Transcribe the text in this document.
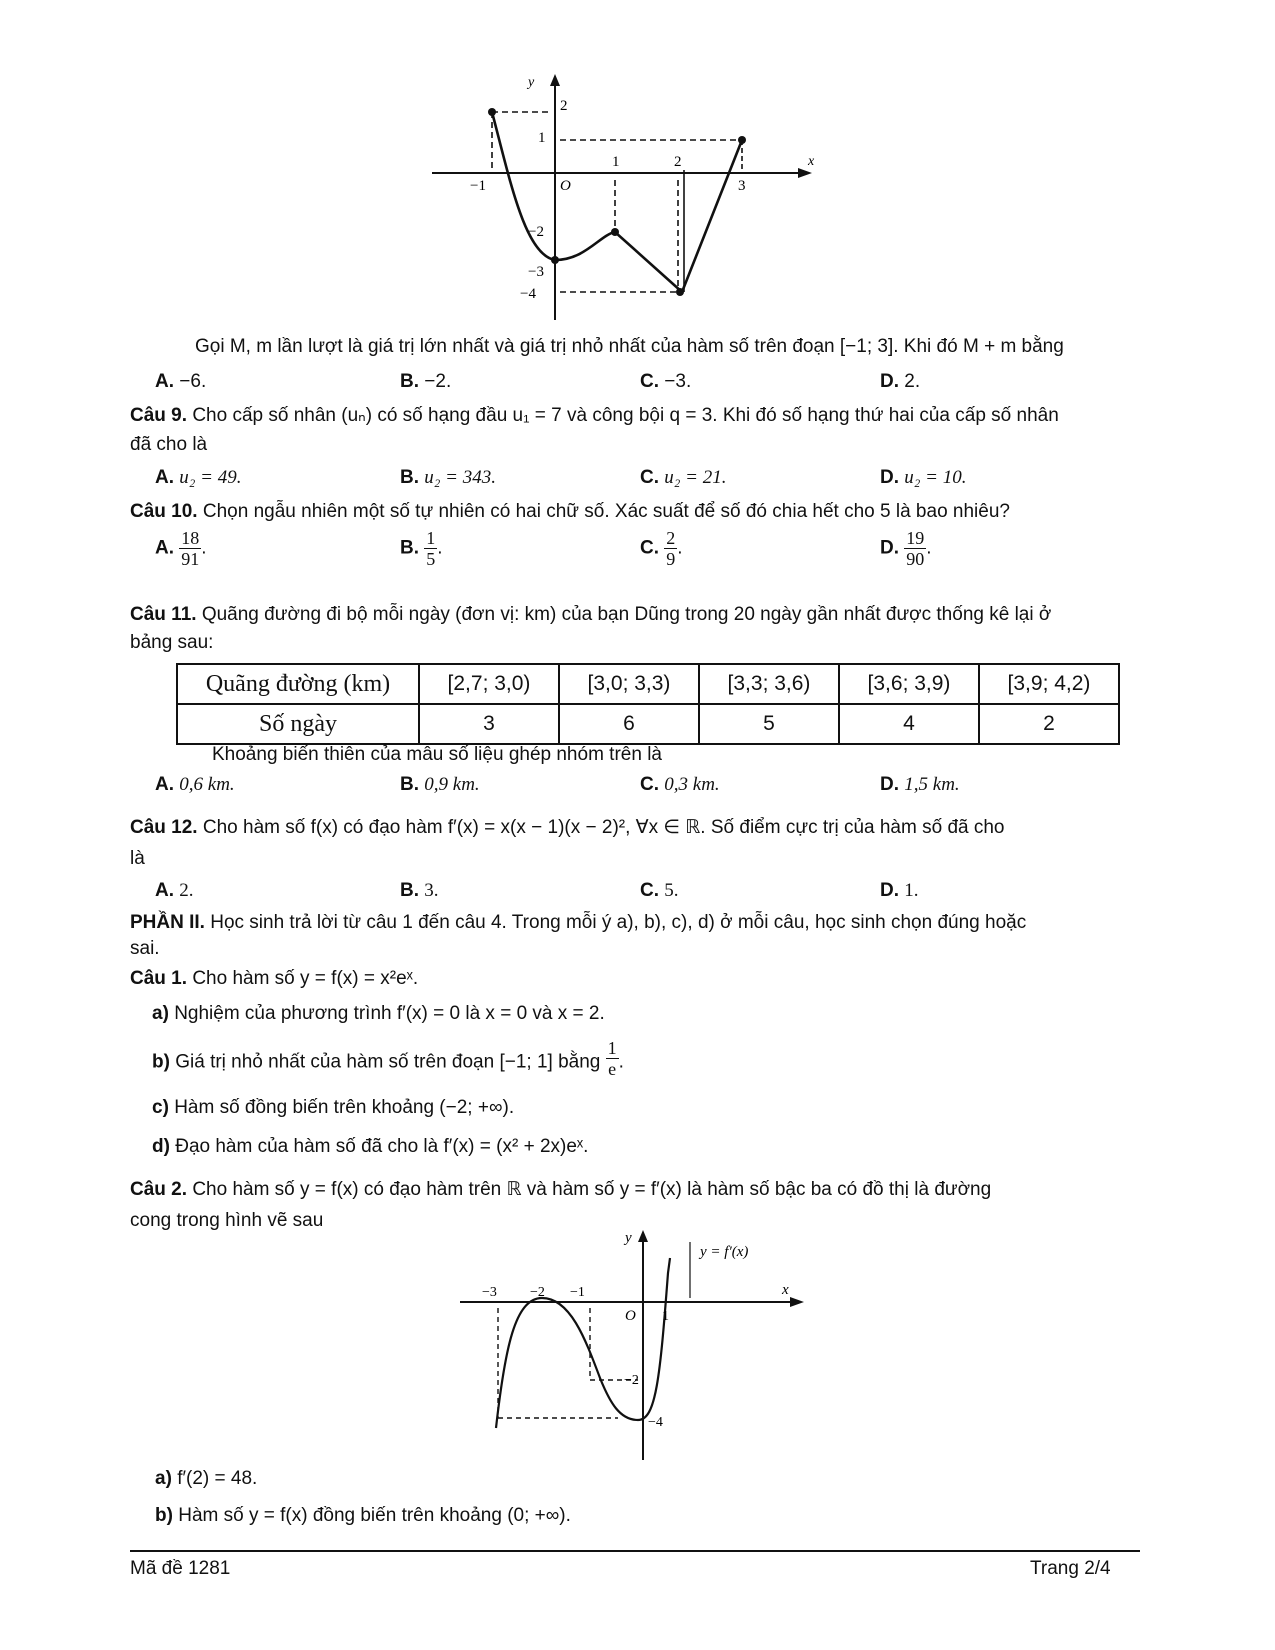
y
x
2
1
1	2
−1	O	3
−2
−3
−4
Gọi M, m lần lượt là giá trị lớn nhất và giá trị nhỏ nhất của hàm số trên đoạn [−1; 3]. Khi đó M + m bằng
A. −6.	B. −2.	C. −3.	D. 2.
Câu 9. Cho cấp số nhân (uₙ) có số hạng đầu u₁ = 7 và công bội q = 3. Khi đó số hạng thứ hai của cấp số nhân
đã cho là
A. u₂ = 49.	B. u₂ = 343.	C. u₂ = 21.	D. u₂ = 10.
Câu 10. Chọn ngẫu nhiên một số tự nhiên có hai chữ số. Xác suất để số đó chia hết cho 5 là bao nhiêu?
A. $\frac{18}{91}$ .	B. $\frac{1}{5}$ .	C. $\frac{2}{9}$ .	D. $\frac{19}{90}$ .
Câu 11. Quãng đường đi bộ mỗi ngày (đơn vị: km) của bạn Dũng trong 20 ngày gần nhất được thống kê lại ở
bảng sau:
Quãng đường (km)	[2,7; 3,0)	[3,0; 3,3)	[3,3; 3,6)	[3,6; 3,9)	[3,9; 4,2)
Số ngày	3	6	5	4	2
Khoảng biến thiên của mẫu số liệu ghép nhóm trên là
A. 0,6 km.	B. 0,9 km.	C. 0,3 km.	D. 1,5 km.
Câu 12. Cho hàm số f(x) có đạo hàm f′(x) = x(x − 1)(x − 2)², ∀x ∈ ℝ. Số điểm cực trị của hàm số đã cho
là
A. 2.	B. 3.	C. 5.	D. 1.
PHẦN II. Học sinh trả lời từ câu 1 đến câu 4. Trong mỗi ý a), b), c), d) ở mỗi câu, học sinh chọn đúng hoặc
sai.
Câu 1. Cho hàm số y = f(x) = x²eˣ.
a) Nghiệm của phương trình f′(x) = 0 là x = 0 và x = 2.
b) Giá trị nhỏ nhất của hàm số trên đoạn [−1; 1] bằng $\frac{1}{e}$ .
c) Hàm số đồng biến trên khoảng (−2; +∞).
d) Đạo hàm của hàm số đã cho là f′(x) = (x² + 2x)eˣ.
Câu 2. Cho hàm số y = f(x) có đạo hàm trên ℝ và hàm số y = f′(x) là hàm số bậc ba có đồ thị là đường
cong trong hình vẽ sau
y
x
y = f′(x)
−3 −2 −1
O 1
−2
−4
a) f′(2) = 48.
b) Hàm số y = f(x) đồng biến trên khoảng (0; +∞).
Mã đề 1281	Trang 2/4
